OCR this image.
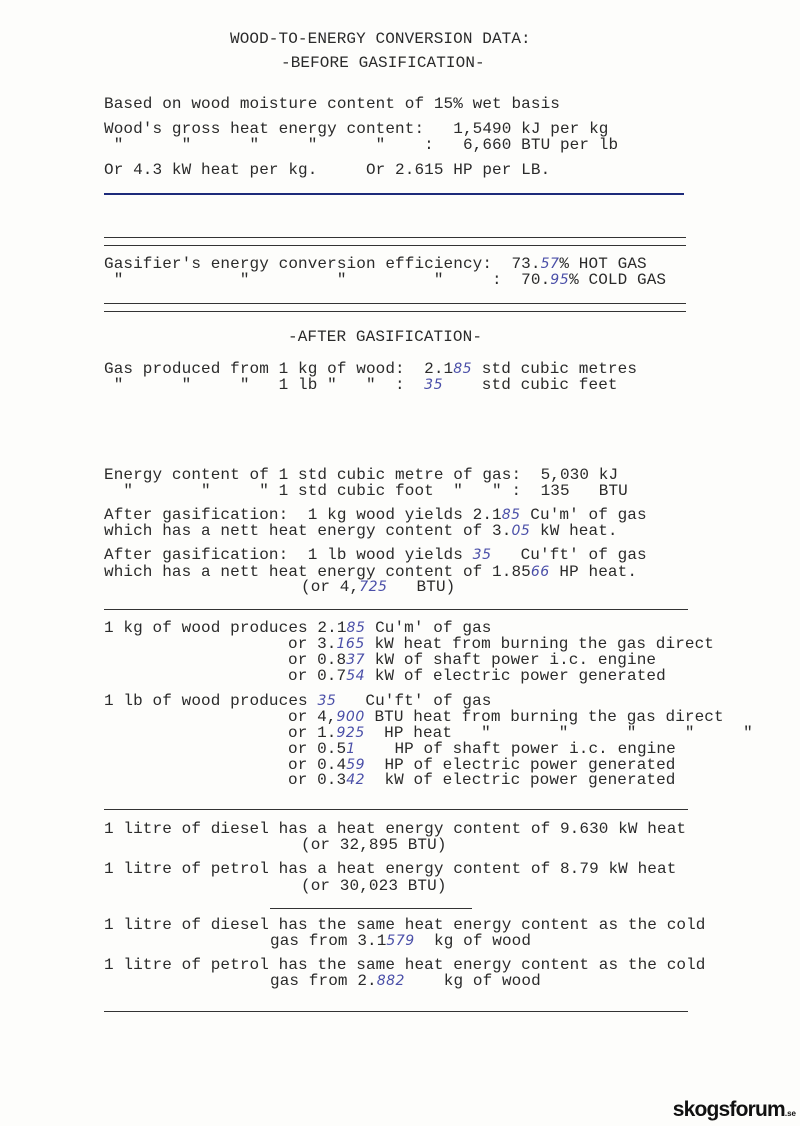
WOOD-TO-ENERGY CONVERSION DATA:
-BEFORE GASIFICATION-
Based on wood moisture content of 15% wet basis
Wood's gross heat energy content:   1,5490 kJ per kg
"      "      "     "      "    :   6,660 BTU per lb
Or 4.3 kW heat per kg.     Or 2.615 HP per LB.
Gasifier's energy conversion efficiency:  73.57% HOT GAS
"            "         "         "     :  70.95% COLD GAS
-AFTER GASIFICATION-
Gas produced from 1 kg of wood:  2.185 std cubic metres
"      "     "   1 lb "   "  :  35    std cubic feet
Energy content of 1 std cubic metre of gas:  5,030 kJ
"       "     " 1 std cubic foot  "   " :  135   BTU
After gasification:  1 kg wood yields 2.185 Cu'm' of gas
which has a nett heat energy content of 3.05 kW heat.
After gasification:  1 lb wood yields 35   Cu'ft' of gas
which has a nett heat energy content of 1.8566 HP heat.
(or 4,725   BTU)
1 kg of wood produces 2.185 Cu'm' of gas
or 3.165 kW heat from burning the gas direct
or 0.837 kW of shaft power i.c. engine
or 0.754 kW of electric power generated
1 lb of wood produces 35   Cu'ft' of gas
or 4,900 BTU heat from burning the gas direct
or 1.925  HP heat   "       "      "     "     "
or 0.51    HP of shaft power i.c. engine
or 0.459  HP of electric power generated
or 0.342  kW of electric power generated
1 litre of diesel has a heat energy content of 9.630 kW heat
(or 32,895 BTU)
1 litre of petrol has a heat energy content of 8.79 kW heat
(or 30,023 BTU)
1 litre of diesel has the same heat energy content as the cold
gas from 3.1579  kg of wood
1 litre of petrol has the same heat energy content as the cold
gas from 2.882    kg of wood
skogsforum.se
